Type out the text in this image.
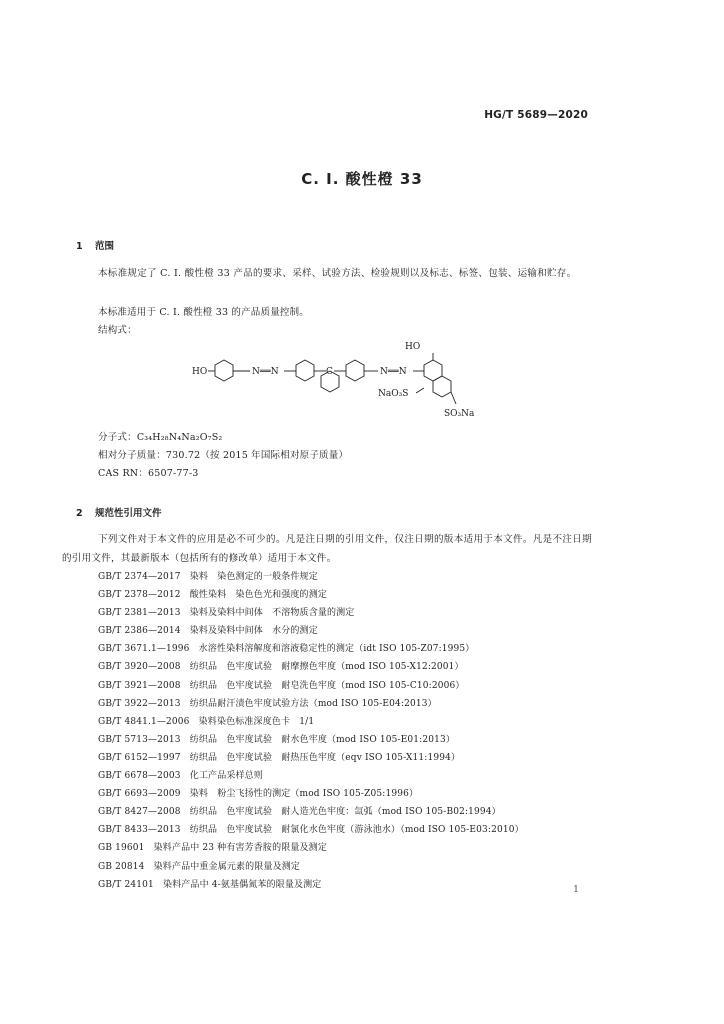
HG/T 5689—2020
C. I. 酸性橙 33
1 范围
本标准规定了 C. I. 酸性橙 33 产品的要求、采样、试验方法、检验规则以及标志、标签、包装、运输和贮存。
本标准适用于 C. I. 酸性橙 33 的产品质量控制。
结构式：
HO	N══N	C	N══N
HO
NaO₃S
SO₃Na
分子式：C₃₄H₂₈N₄Na₂O₇S₂
相对分子质量：730.72（按 2015 年国际相对原子质量）
CAS RN：6507-77-3
2 规范性引用文件
下列文件对于本文件的应用是必不可少的。凡是注日期的引用文件，仅注日期的版本适用于本文件。凡是不注日期的引用文件，其最新版本（包括所有的修改单）适用于本文件。
GB/T 2374—2017　染料　染色测定的一般条件规定
GB/T 2378—2012　酸性染料　染色色光和强度的测定
GB/T 2381—2013　染料及染料中间体　不溶物质含量的测定
GB/T 2386—2014　染料及染料中间体　水分的测定
GB/T 3671.1—1996　水溶性染料溶解度和溶液稳定性的测定（idt ISO 105-Z07:1995）
GB/T 3920—2008　纺织品　色牢度试验　耐摩擦色牢度（mod ISO 105-X12:2001）
GB/T 3921—2008　纺织品　色牢度试验　耐皂洗色牢度（mod ISO 105-C10:2006）
GB/T 3922—2013　纺织品耐汗渍色牢度试验方法（mod ISO 105-E04:2013）
GB/T 4841.1—2006　染料染色标准深度色卡　1/1
GB/T 5713—2013　纺织品　色牢度试验　耐水色牢度（mod ISO 105-E01:2013）
GB/T 6152—1997　纺织品　色牢度试验　耐热压色牢度（eqv ISO 105-X11:1994）
GB/T 6678—2003　化工产品采样总则
GB/T 6693—2009　染料　粉尘飞扬性的测定（mod ISO 105-Z05:1996）
GB/T 8427—2008　纺织品　色牢度试验　耐人造光色牢度：氙弧（mod ISO 105-B02:1994）
GB/T 8433—2013　纺织品　色牢度试验　耐氯化水色牢度（游泳池水）（mod ISO 105-E03:2010）
GB 19601　染料产品中 23 种有害芳香胺的限量及测定
GB 20814　染料产品中重金属元素的限量及测定
GB/T 24101　染料产品中 4-氨基偶氮苯的限量及测定	1
